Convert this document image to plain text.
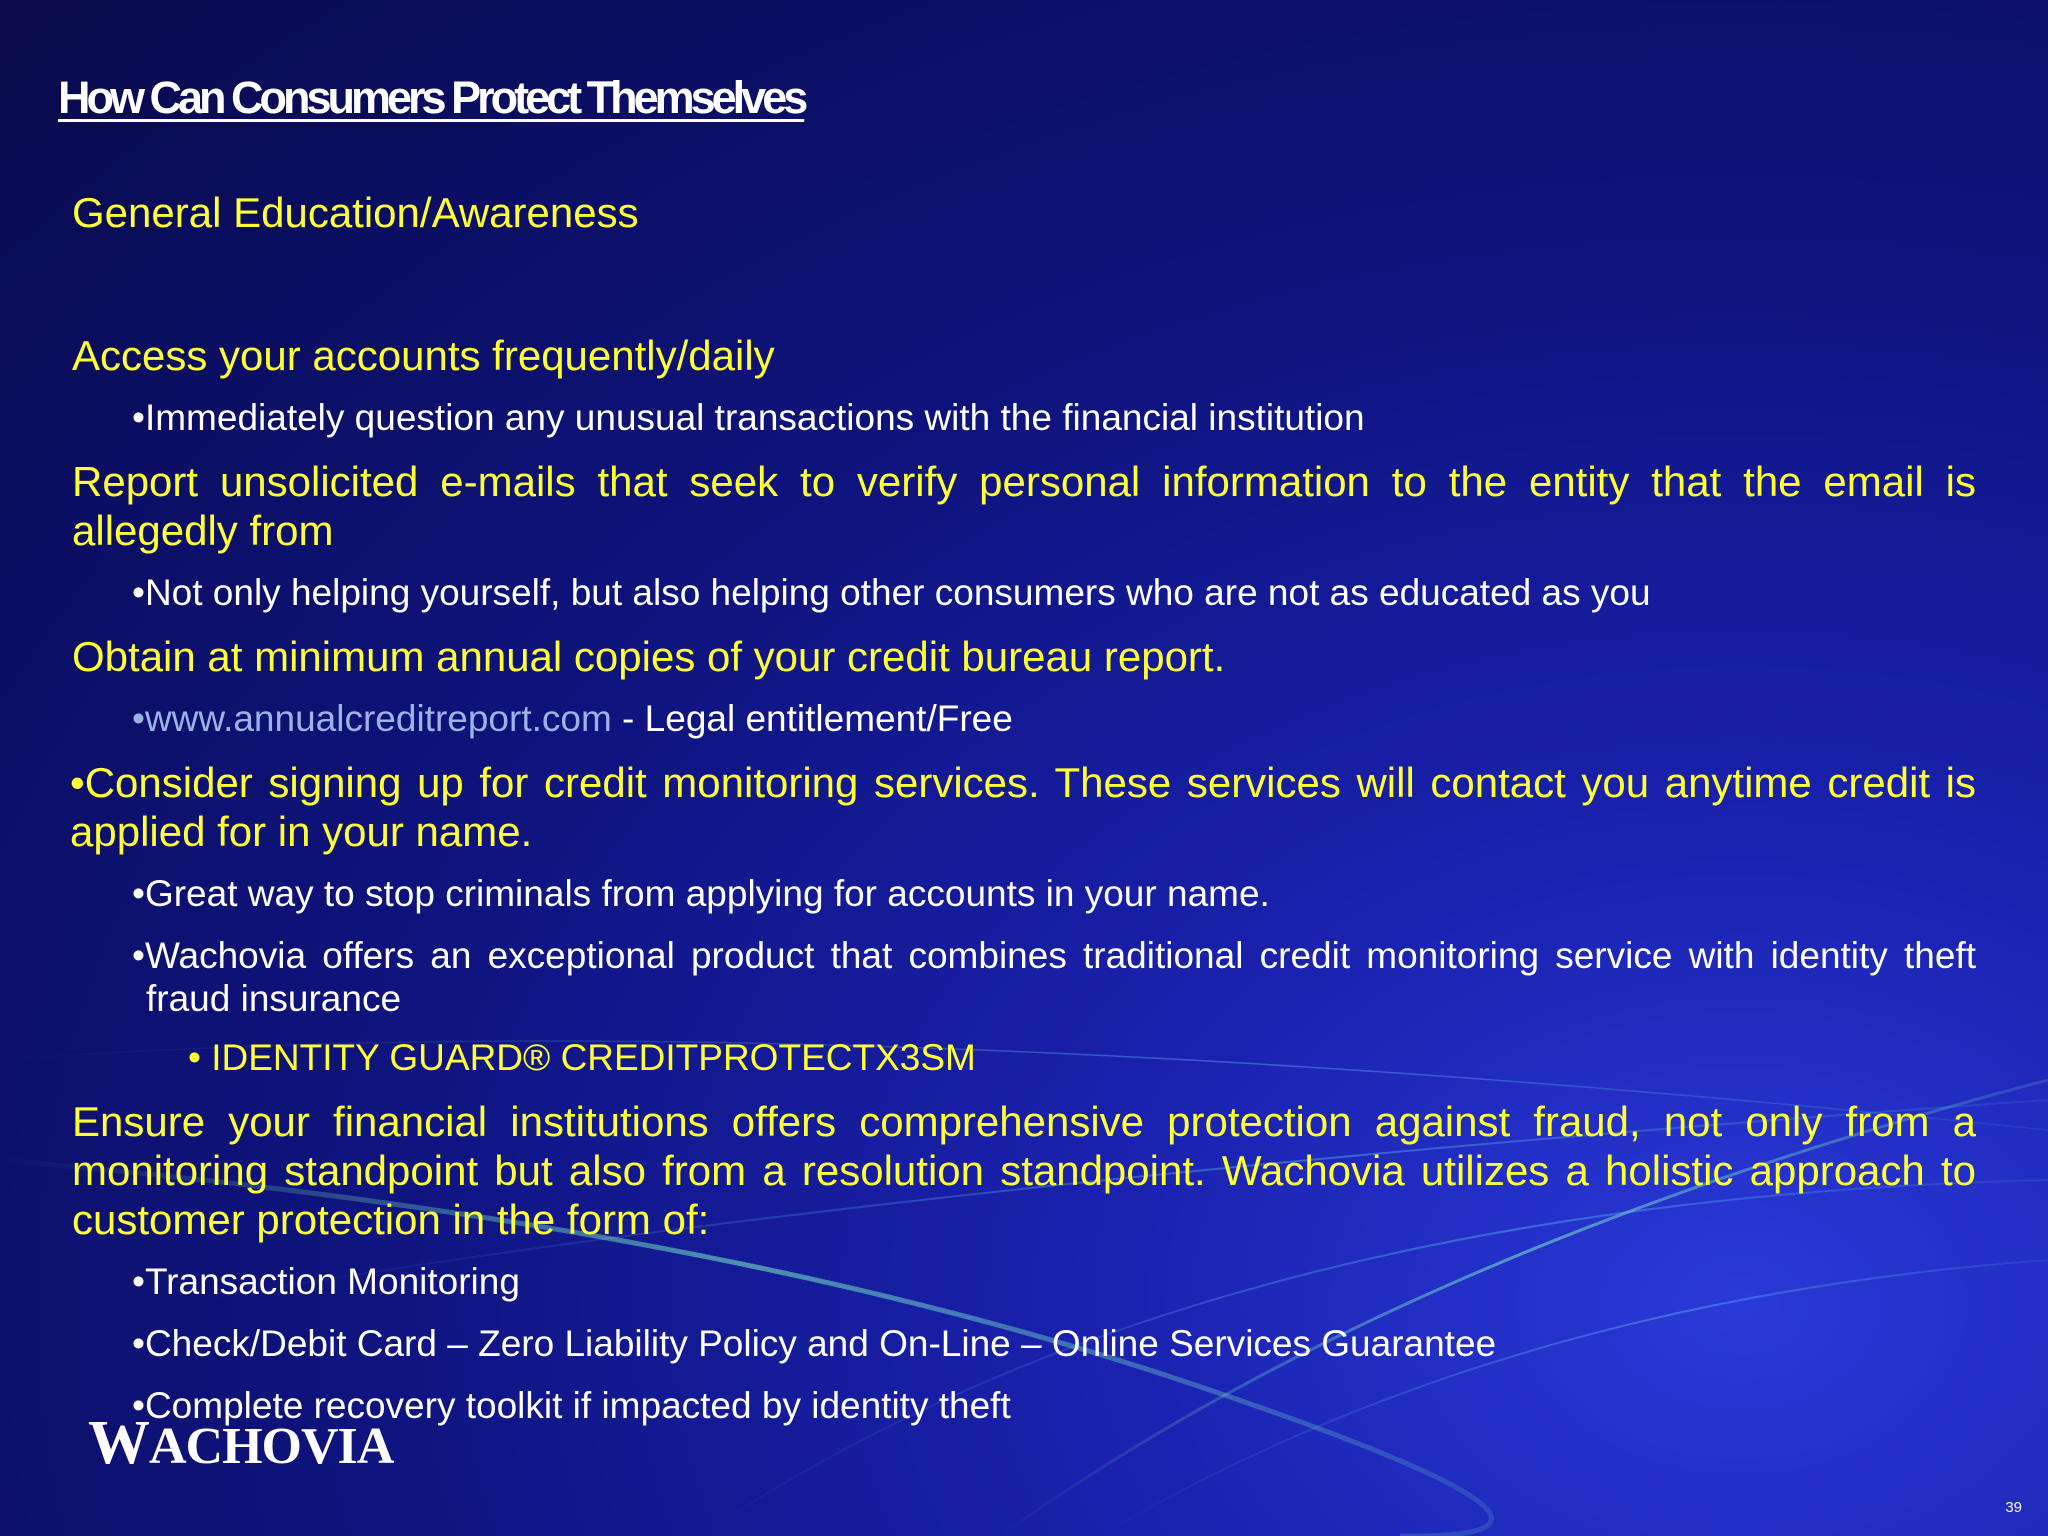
How Can Consumers Protect Themselves

General Education/Awareness

Access your accounts frequently/daily

•Immediately question any unusual transactions with the financial institution

Report unsolicited e-mails that seek to verify personal information to the entity that the email is allegedly from

•Not only helping yourself, but also helping other consumers who are not as educated as you

Obtain at minimum annual copies of your credit bureau report.

•www.annualcreditreport.com - Legal entitlement/Free

•Consider signing up for credit monitoring services. These services will contact you anytime credit is applied for in your name.

•Great way to stop criminals from applying for accounts in your name.

•Wachovia offers an exceptional product that combines traditional credit monitoring service with identity theft fraud insurance

• IDENTITY GUARD® CREDITPROTECTX3SM

Ensure your financial institutions offers comprehensive protection against fraud, not only from a monitoring standpoint but also from a resolution standpoint. Wachovia utilizes a holistic approach to customer protection in the form of:

•Transaction Monitoring

•Check/Debit Card – Zero Liability Policy and On-Line – Online Services Guarantee

•Complete recovery toolkit if impacted by identity theft

WACHOVIA
39
